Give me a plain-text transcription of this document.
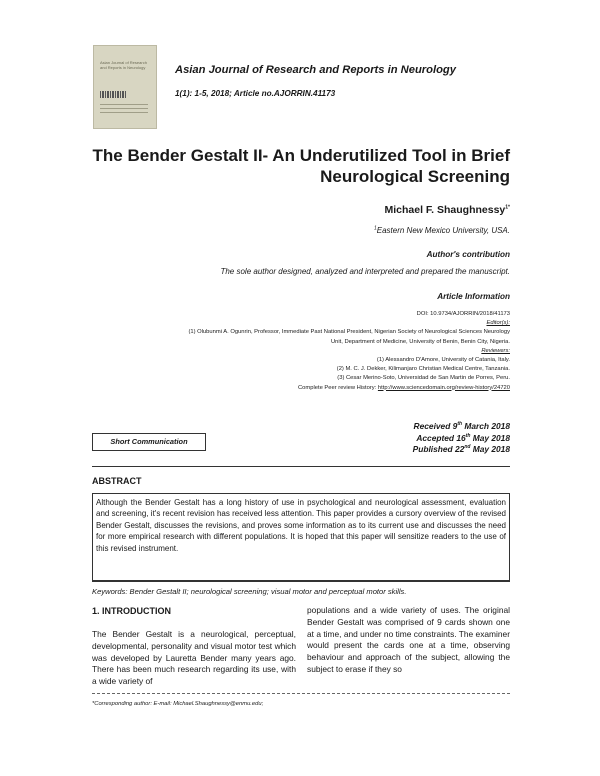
Asian Journal of Research and Reports in Neurology	Asian Journal of Research and Reports in Neurology
1(1): 1-5, 2018; Article no.AJORRIN.41173
The Bender Gestalt II- An Underutilized Tool in Brief Neurological Screening
Michael F. Shaughnessy$^{1*}$
$^1$Eastern New Mexico University, USA.
Author's contribution
The sole author designed, analyzed and interpreted and prepared the manuscript.
Article Information
DOI: 10.9734/AJORRIN/2018/41173
Editor(s):
(1) Olubunmi A. Ogunrin, Professor, Immediate Past National President, Nigerian Society of Neurological Sciences Neurology
Unit, Department of Medicine, University of Benin, Benin City, Nigeria.
Reviewers:
(1) Alessandro D'Amore, University of Catania, Italy.
(2) M. C. J. Dekker, Kilimanjaro Christian Medical Centre, Tanzania.
(3) Cesar Merino-Soto, Universidad de San Martin de Porres, Peru.
Complete Peer review History: http://www.sciencedomain.org/review-history/24720
Received 9th March 2018
Accepted 16th May 2018
Published 22nd May 2018
Short Communication
ABSTRACT
Although the Bender Gestalt has a long history of use in psychological and neurological assessment, evaluation and screening, it's recent revision has received less attention. This paper provides a cursory overview of the revised Bender Gestalt, discusses the revisions, and proves some information as to its current use and discusses the need for more empirical research with different populations. It is hoped that this paper will sensitize readers to the use of this revised instrument.
Keywords: Bender Gestalt II; neurological screening; visual motor and perceptual motor skills.
1. INTRODUCTION
The Bender Gestalt is a neurological, perceptual, developmental, personality and visual motor test which was developed by Lauretta Bender many years ago. There has been much research regarding its use, with a wide variety of
populations and a wide variety of uses. The original Bender Gestalt was comprised of 9 cards shown one at a time, and under no time constraints. The examiner would present the cards one at a time, observing behaviour and approach of the subject, allowing the subject to erase if they so
*Corresponding author: E-mail: Michael.Shaughnessy@enmu.edu;
